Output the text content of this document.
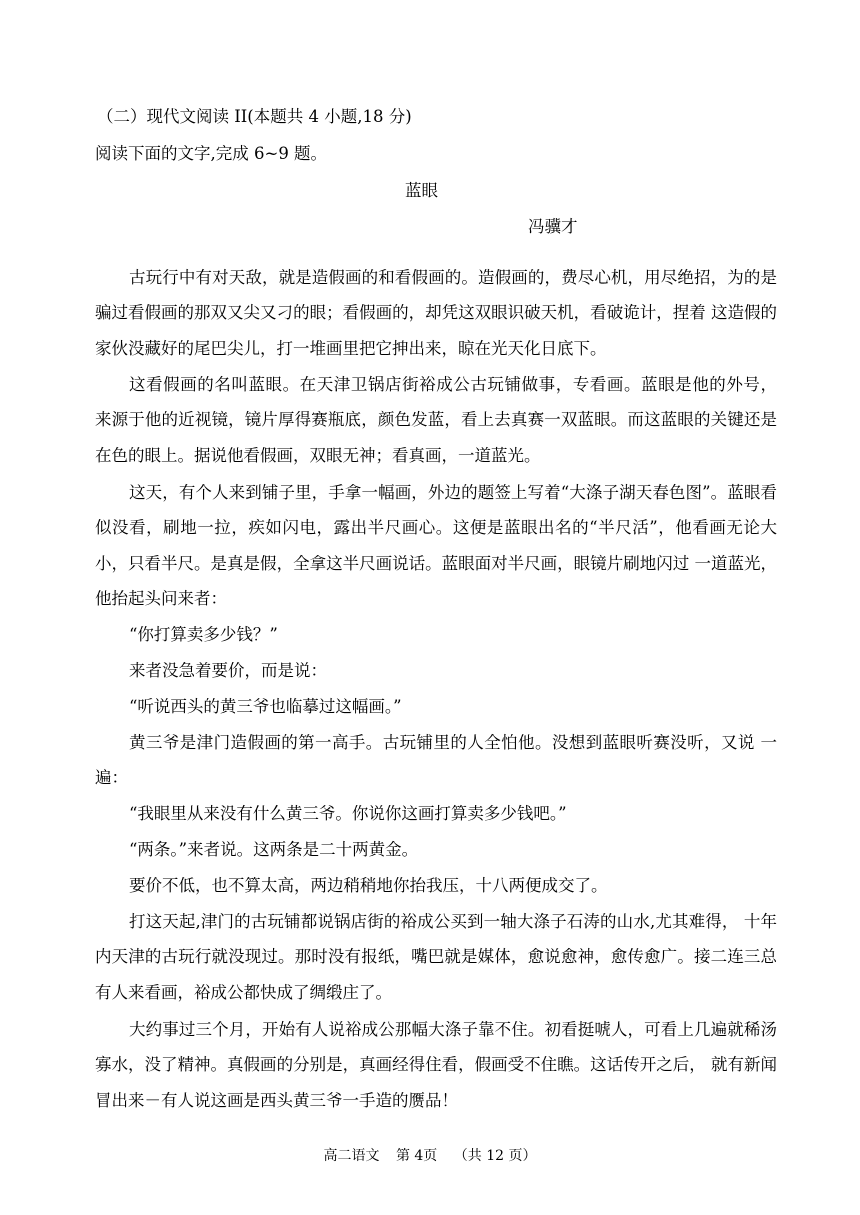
（二）现代文阅读 II(本题共 4 小题,18 分)
阅读下面的文字,完成 6~9 题。
蓝眼
冯骥才

古玩行中有对天敌，就是造假画的和看假画的。造假画的，费尽心机，用尽绝招，为的是骗过看假画的那双又尖又刁的眼；看假画的，却凭这双眼识破天机，看破诡计，捏着 这造假的家伙没藏好的尾巴尖儿，打一堆画里把它抻出来，晾在光天化日底下。

这看假画的名叫蓝眼。在天津卫锅店街裕成公古玩铺做事，专看画。蓝眼是他的外号， 来源于他的近视镜，镜片厚得赛瓶底，颜色发蓝，看上去真赛一双蓝眼。而这蓝眼的关键还是在色的眼上。据说他看假画，双眼无神；看真画，一道蓝光。

这天，有个人来到铺子里，手拿一幅画，外边的题签上写着“大涤子湖天春色图”。蓝眼看似没看，刷地一拉，疾如闪电，露出半尺画心。这便是蓝眼出名的“半尺活”，他看画无论大小，只看半尺。是真是假，全拿这半尺画说话。蓝眼面对半尺画，眼镜片刷地闪过 一道蓝光，他抬起头问来者：

“你打算卖多少钱？”

来者没急着要价，而是说：

“听说西头的黄三爷也临摹过这幅画。”

黄三爷是津门造假画的第一高手。古玩铺里的人全怕他。没想到蓝眼听赛没听，又说 一遍：

“我眼里从来没有什么黄三爷。你说你这画打算卖多少钱吧。”

“两条。”来者说。这两条是二十两黄金。

要价不低，也不算太高，两边稍稍地你抬我压，十八两便成交了。

打这天起,津门的古玩铺都说锅店街的裕成公买到一轴大涤子石涛的山水,尤其难得， 十年内天津的古玩行就没现过。那时没有报纸，嘴巴就是媒体，愈说愈神，愈传愈广。接二连三总有人来看画，裕成公都快成了绸缎庄了。

大约事过三个月，开始有人说裕成公那幅大涤子靠不住。初看挺唬人，可看上几遍就稀汤寡水，没了精神。真假画的分别是，真画经得住看，假画受不住瞧。这话传开之后， 就有新闻冒出来－有人说这画是西头黄三爷一手造的赝品！

高二语文 第 4页 （共 12 页）
